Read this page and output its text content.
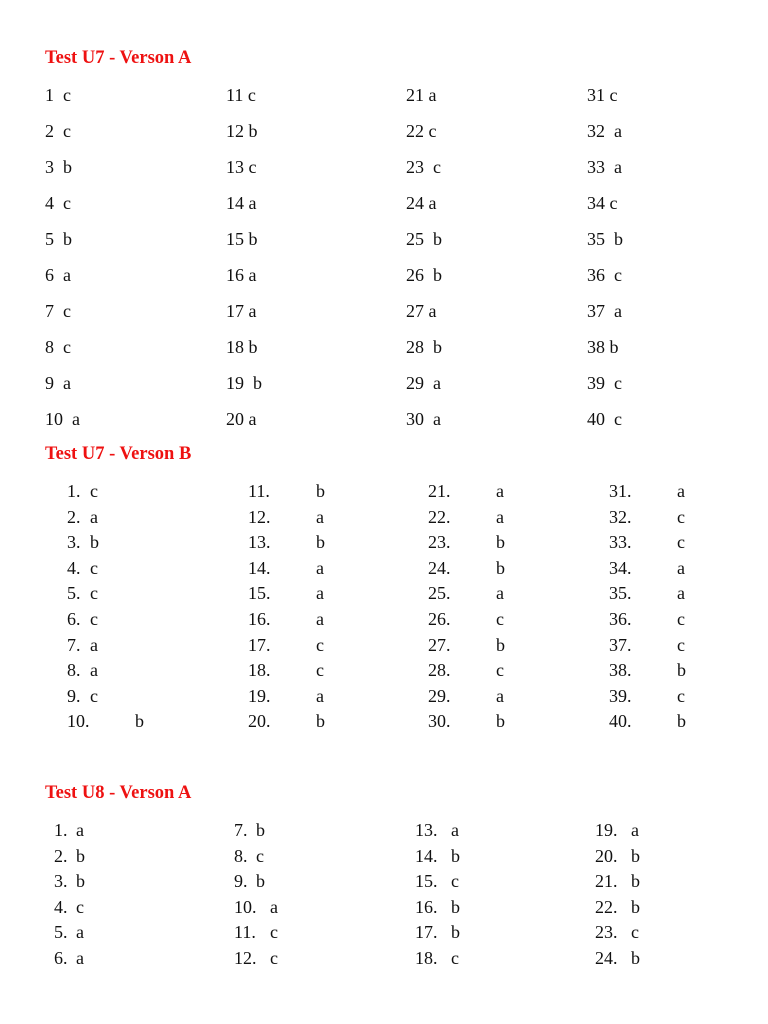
Test U7 - Verson A
1  c
2  c
3  b
4  c
5  b
6  a
7  c
8  c
9  a
10  a
11 c
12 b
13 c
14 a
15 b
16 a
17 a
18 b
19  b
20 a
21 a
22 c
23  c
24 a
25  b
26  b
27 a
28  b
29  a
30  a
31 c
32  a
33  a
34 c
35  b
36  c
37  a
38 b
39  c
40  c
Test U7 - Verson B
1. c
2. a
3. b
4. c
5. c
6. c
7. a
8. a
9. c
10.	b
11.	b
12.	a
13.	b
14.	a
15.	a
16.	a
17.	c
18.	c
19.	a
20.	b
21.	a
22.	a
23.	b
24.	b
25.	a
26.	c
27.	b
28.	c
29.	a
30.	b
31.	a
32.	c
33.	c
34.	a
35.	a
36.	c
37.	c
38.	b
39.	c
40.	b
Test U8 - Verson A
1. a
2. b
3. b
4. c
5. a
6. a
7. b
8. c
9. b
10. a
11. c
12. c
13. a
14. b
15. c
16. b
17. b
18. c
19. a
20. b
21. b
22. b
23. c
24. b
